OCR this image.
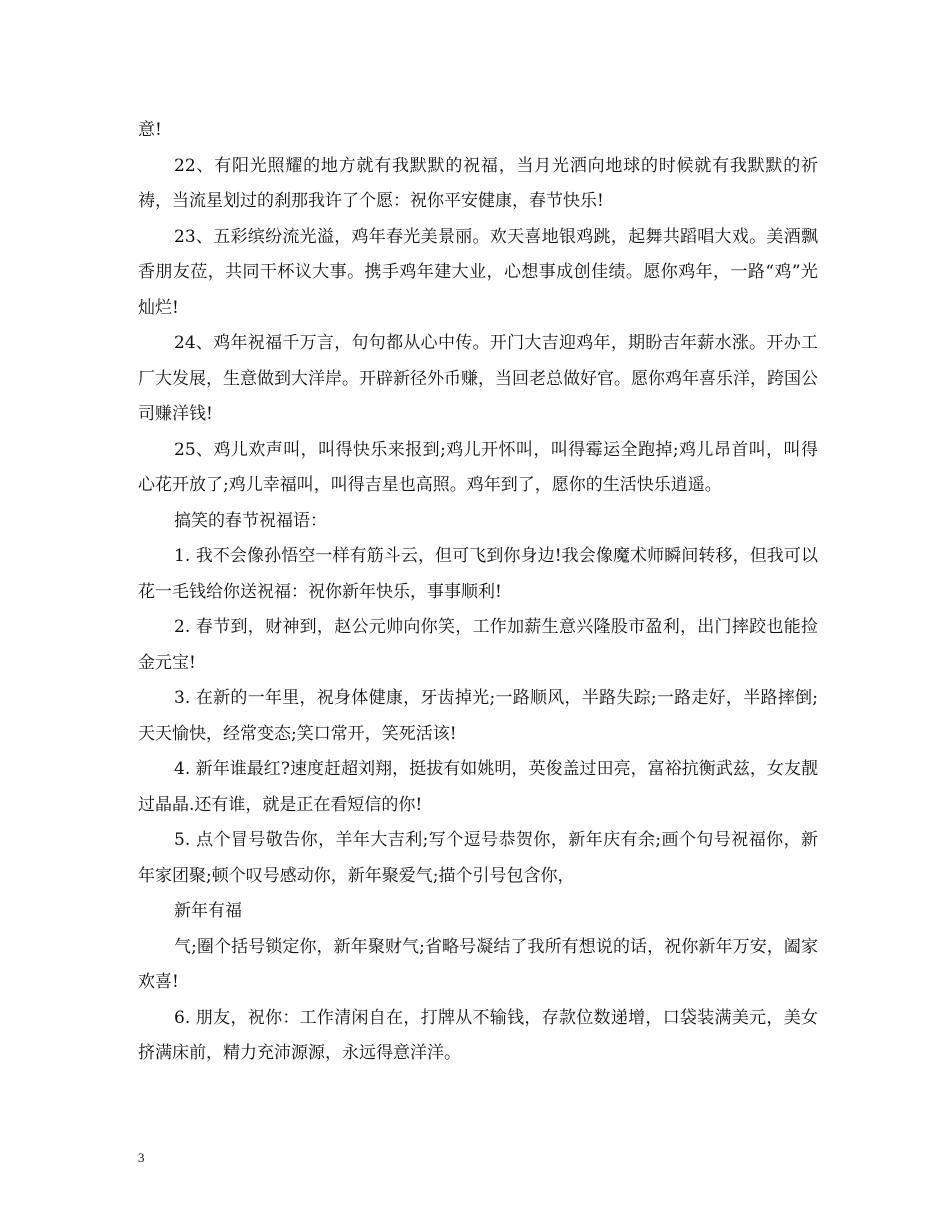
意!

22、有阳光照耀的地方就有我默默的祝福，当月光洒向地球的时候就有我默默的祈祷，当流星划过的刹那我许了个愿：祝你平安健康，春节快乐!

23、五彩缤纷流光溢，鸡年春光美景丽。欢天喜地银鸡跳，起舞共蹈唱大戏。美酒飘香朋友莅，共同干杯议大事。携手鸡年建大业，心想事成创佳绩。愿你鸡年，一路“鸡”光灿烂!

24、鸡年祝福千万言，句句都从心中传。开门大吉迎鸡年，期盼吉年薪水涨。开办工厂大发展，生意做到大洋岸。开辟新径外币赚，当回老总做好官。愿你鸡年喜乐洋，跨国公司赚洋钱!

25、鸡儿欢声叫，叫得快乐来报到;鸡儿开怀叫，叫得霉运全跑掉;鸡儿昂首叫，叫得心花开放了;鸡儿幸福叫，叫得吉星也高照。鸡年到了，愿你的生活快乐逍遥。

搞笑的春节祝福语：

1. 我不会像孙悟空一样有筋斗云，但可飞到你身边!我会像魔术师瞬间转移，但我可以花一毛钱给你送祝福：祝你新年快乐，事事顺利!

2. 春节到，财神到，赵公元帅向你笑，工作加薪生意兴隆股市盈利，出门摔跤也能捡金元宝!

3. 在新的一年里，祝身体健康，牙齿掉光;一路顺风，半路失踪;一路走好，半路摔倒;天天愉快，经常变态;笑口常开，笑死活该!

4. 新年谁最红?速度赶超刘翔，挺拔有如姚明，英俊盖过田亮，富裕抗衡武兹，女友靓过晶晶.还有谁，就是正在看短信的你!

5. 点个冒号敬告你，羊年大吉利;写个逗号恭贺你，新年庆有余;画个句号祝福你，新年家团聚;顿个叹号感动你，新年聚爱气;描个引号包含你，

新年有福

气;圈个括号锁定你，新年聚财气;省略号凝结了我所有想说的话，祝你新年万安，阖家欢喜!

6. 朋友，祝你：工作清闲自在，打牌从不输钱，存款位数递增，口袋装满美元，美女挤满床前，精力充沛源源，永远得意洋洋。

3
